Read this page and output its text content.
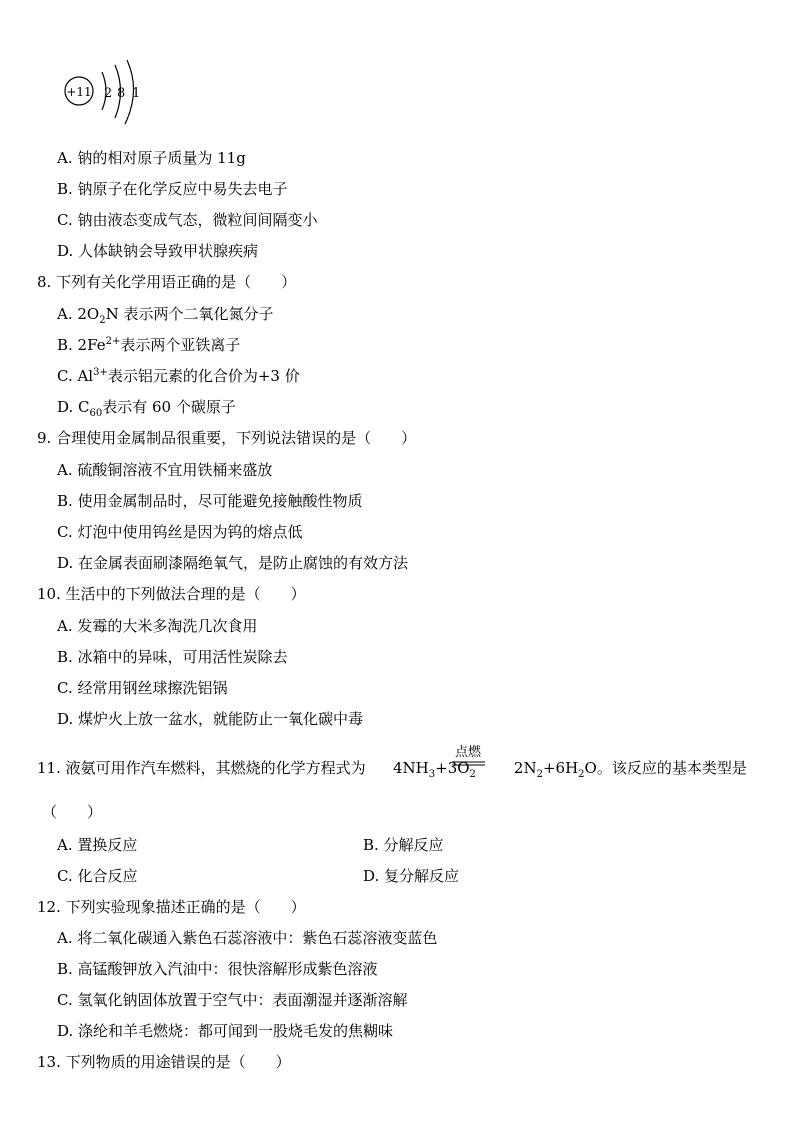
+11 2 8 1
A. 钠的相对原子质量为 11g
B. 钠原子在化学反应中易失去电子
C. 钠由液态变成气态，微粒间间隔变小
D. 人体缺钠会导致甲状腺疾病
8. 下列有关化学用语正确的是（　　）
A. $2O_2N$ 表示两个二氧化氮分子
B. $2Fe^{2+}$表示两个亚铁离子
C. $Al^{3+}$表示铝元素的化合价为+3 价
D. $C_{60}$表示有 60 个碳原子
9. 合理使用金属制品很重要，下列说法错误的是（　　）
A. 硫酸铜溶液不宜用铁桶来盛放
B. 使用金属制品时，尽可能避免接触酸性物质
C. 灯泡中使用钨丝是因为钨的熔点低
D. 在金属表面刷漆隔绝氧气，是防止腐蚀的有效方法
10. 生活中的下列做法合理的是（　　）
A. 发霉的大米多淘洗几次食用
B. 冰箱中的异味，可用活性炭除去
C. 经常用钢丝球擦洗铝锅
D. 煤炉火上放一盆水，就能防止一氧化碳中毒
11. 液氨可用作汽车燃料，其燃烧的化学方程式为 $4NH_3+3O_2$	$2N_2+6H_2O$。该反应的基本类型是
点燃
（　　）
A. 置换反应	B. 分解反应
C. 化合反应	D. 复分解反应
12. 下列实验现象描述正确的是（　　）
A. 将二氧化碳通入紫色石蕊溶液中：紫色石蕊溶液变蓝色
B. 高锰酸钾放入汽油中：很快溶解形成紫色溶液
C. 氢氧化钠固体放置于空气中：表面潮湿并逐渐溶解
D. 涤纶和羊毛燃烧：都可闻到一股烧毛发的焦糊味
13. 下列物质的用途错误的是（　　）
